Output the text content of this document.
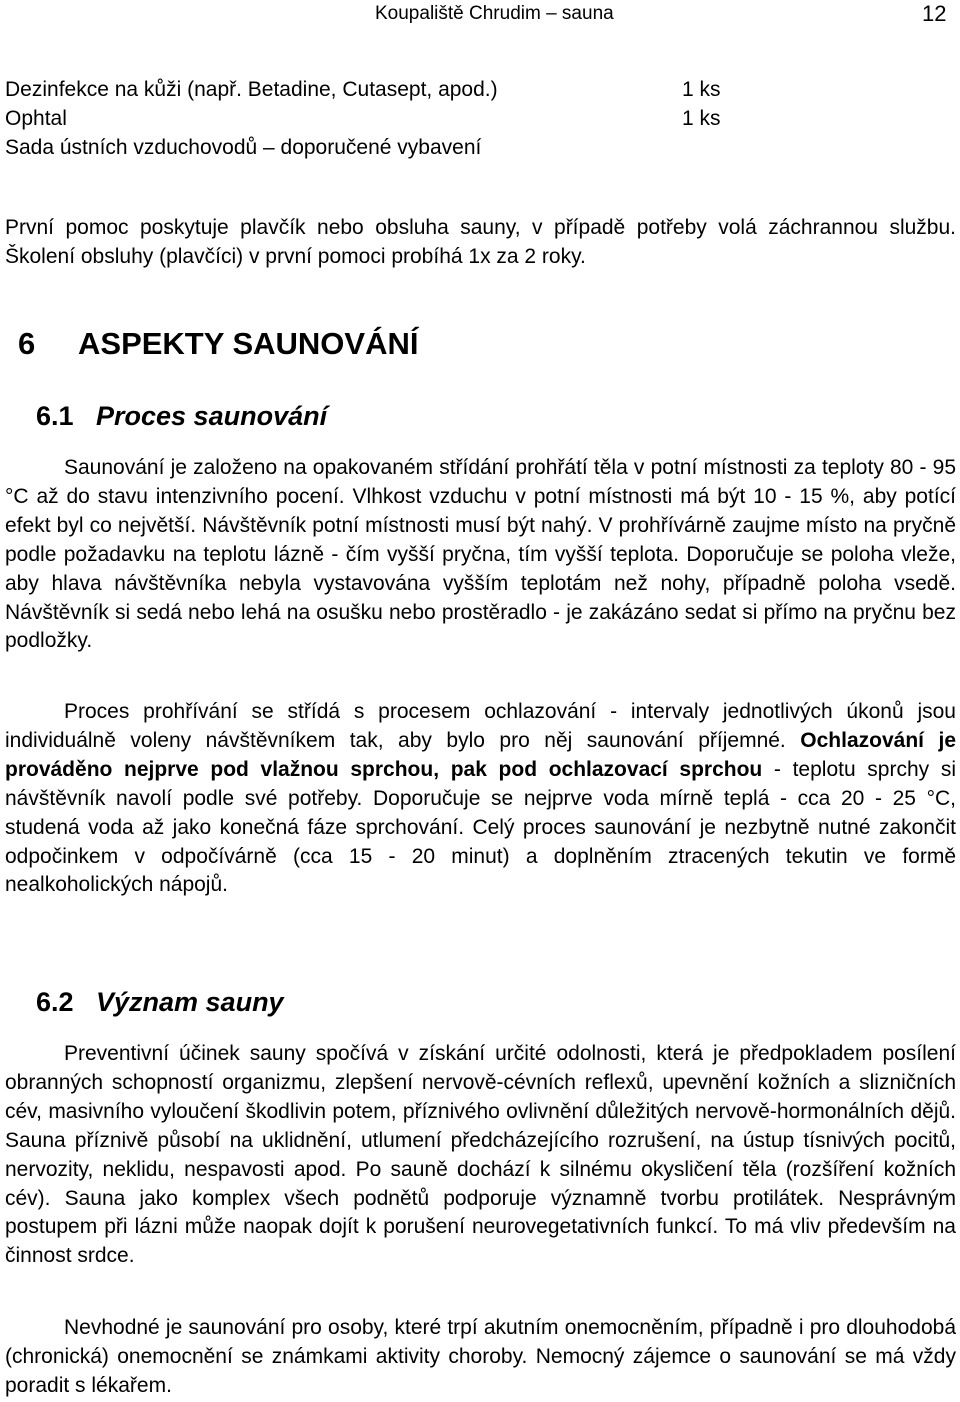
Koupaliště Chrudim – sauna	12
Dezinfekce na kůži (např. Betadine, Cutasept, apod.)	1 ks
Ophtal	1 ks
Sada ústních vzduchovodů – doporučené vybavení

První pomoc poskytuje plavčík nebo obsluha sauny, v případě potřeby volá záchrannou službu. Školení obsluhy (plavčíci) v první pomoci probíhá 1x za 2 roky.

6 ASPEKTY SAUNOVÁNÍ
6.1 Proces saunování

Saunování je založeno na opakovaném střídání prohřátí těla v potní místnosti za teploty 80 - 95 °C až do stavu intenzivního pocení. Vlhkost vzduchu v potní místnosti má být 10 - 15 %, aby potící efekt byl co největší. Návštěvník potní místnosti musí být nahý. V prohřívárně zaujme místo na pryčně podle požadavku na teplotu lázně - čím vyšší pryčna, tím vyšší teplota. Doporučuje se poloha vleže, aby hlava návštěvníka nebyla vystavována vyšším teplotám než nohy, případně poloha vsedě. Návštěvník si sedá nebo lehá na osušku nebo prostěradlo - je zakázáno sedat si přímo na pryčnu bez podložky.

Proces prohřívání se střídá s procesem ochlazování - intervaly jednotlivých úkonů jsou individuálně voleny návštěvníkem tak, aby bylo pro něj saunování příjemné. Ochlazování je prováděno nejprve pod vlažnou sprchou, pak pod ochlazovací sprchou - teplotu sprchy si návštěvník navolí podle své potřeby. Doporučuje se nejprve voda mírně teplá - cca 20 - 25 °C, studená voda až jako konečná fáze sprchování. Celý proces saunování je nezbytně nutné zakončit odpočinkem v odpočívárně (cca 15 - 20 minut) a doplněním ztracených tekutin ve formě nealkoholických nápojů.

6.2 Význam sauny

Preventivní účinek sauny spočívá v získání určité odolnosti, která je předpokladem posílení obranných schopností organizmu, zlepšení nervově-cévních reflexů, upevnění kožních a slizničních cév, masivního vyloučení škodlivin potem, příznivého ovlivnění důležitých nervově-hormonálních dějů. Sauna příznivě působí na uklidnění, utlumení předcházejícího rozrušení, na ústup tísnivých pocitů, nervozity, neklidu, nespavosti apod. Po sauně dochází k silnému okysličení těla (rozšíření kožních cév). Sauna jako komplex všech podnětů podporuje významně tvorbu protilátek. Nesprávným postupem při lázni může naopak dojít k porušení neurovegetativních funkcí. To má vliv především na činnost srdce.

Nevhodné je saunování pro osoby, které trpí akutním onemocněním, případně i pro dlouhodobá (chronická) onemocnění se známkami aktivity choroby. Nemocný zájemce o saunování se má vždy poradit s lékařem.
